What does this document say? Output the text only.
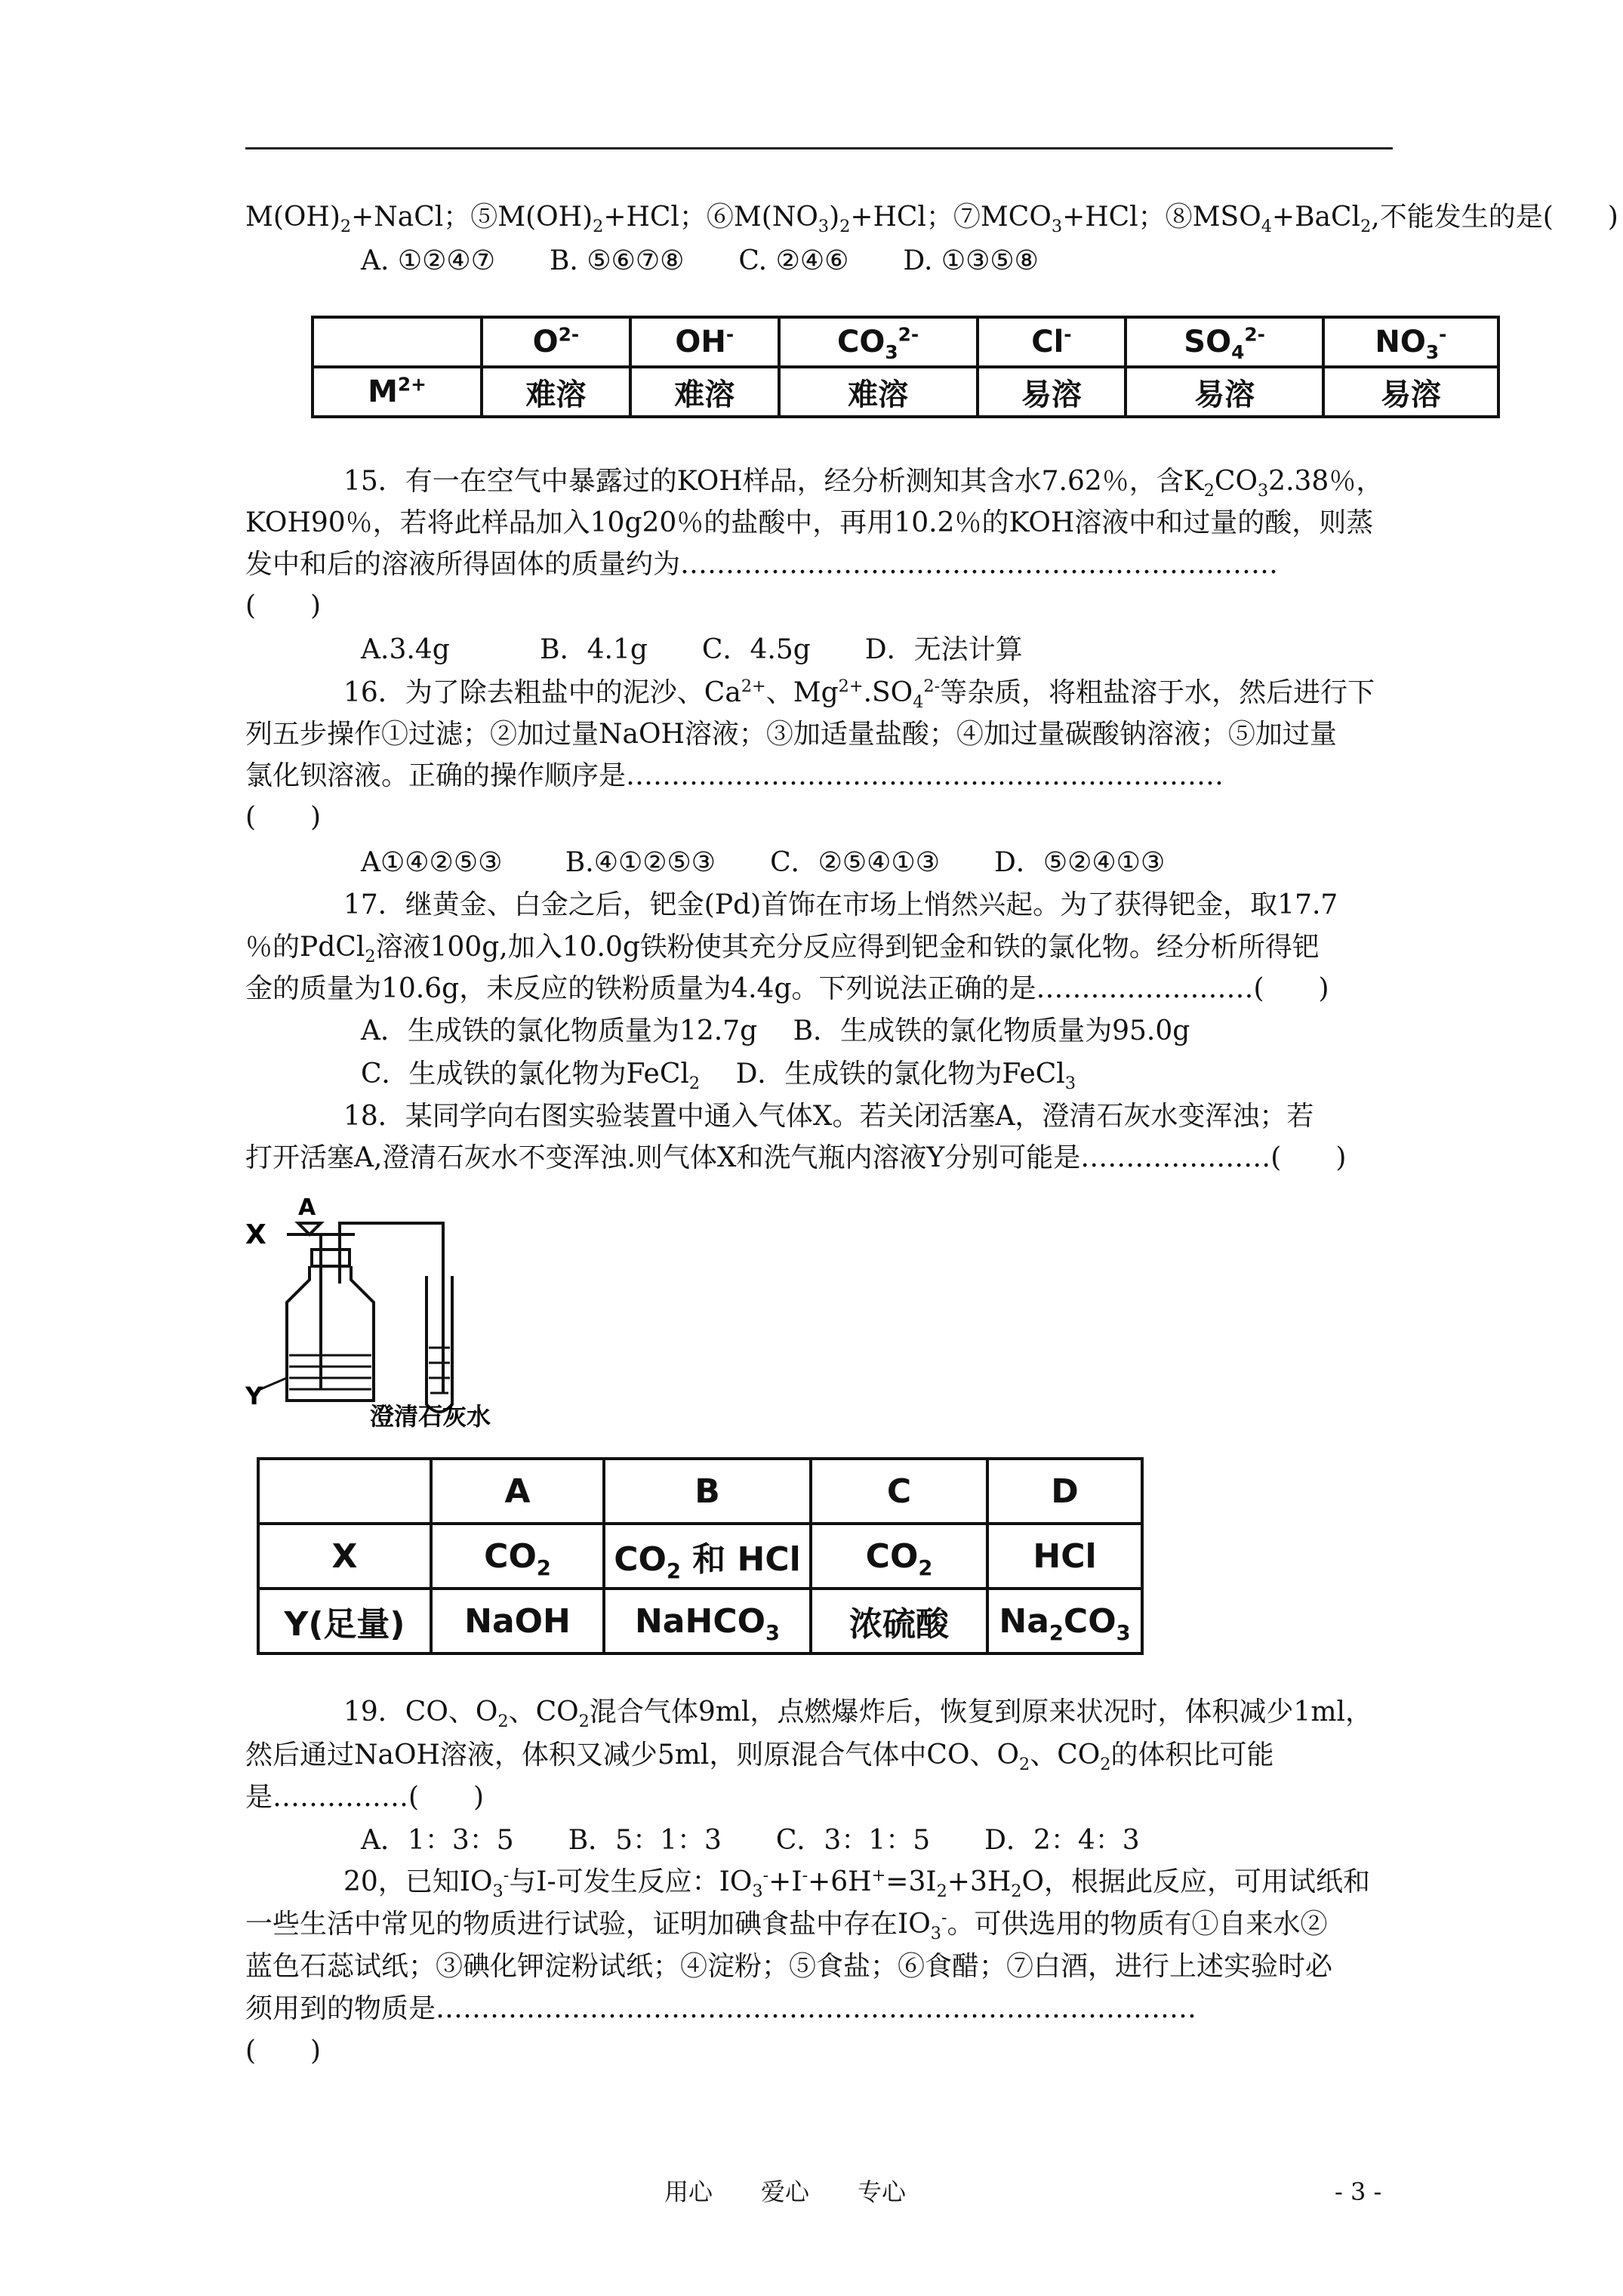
$M(OH)_2+NaCl$；$⑤M(OH)_2+HCl$；$⑥M(NO_3)_2+HCl$；$⑦MCO_3+HCl$；$⑧MSO_4+BaCl_2$,不能发生的是(　　)
A. ①②④⑦　　B. ⑤⑥⑦⑧　　C. ②④⑥　　D. ①③⑤⑧
	$O^{2-}$	OH-	$CO_3^{2-}$	Cl-	$SO_4^{2-}$	$NO_3^-$
$M^{2+}$	难溶	难溶	难溶	易溶	易溶	易溶
15．有一在空气中暴露过的KOH样品，经分析测知其含水7.62％，含$K_2CO_32.38$％，
KOH90％，若将此样品加入10g20％的盐酸中，再用10.2％的KOH溶液中和过量的酸，则蒸
发中和后的溶液所得固体的质量约为…………………………………………………………
(　　)
A.3.4g　　　 B．4.1g　　C．4.5g　　D．无法计算
16．为了除去粗盐中的泥沙、$Ca^{2+}$、$Mg^{2+}.SO_4^{2-}$等杂质，将粗盐溶于水，然后进行下
列五步操作①过滤；②加过量NaOH溶液；③加适量盐酸；④加过量碳酸钠溶液；⑤加过量
氯化钡溶液。正确的操作顺序是…………………………………………………………
(　　)
A①④②⑤③　　 B.④①②⑤③　　C．②⑤④①③　　D．⑤②④①③
17．继黄金、白金之后，钯金(Pd)首饰在市场上悄然兴起。为了获得钯金，取17.7
％的PdCl$_2$溶液100g,加入10.0g铁粉使其充分反应得到钯金和铁的氯化物。经分析所得钯
金的质量为10.6g，未反应的铁粉质量为4.4g。下列说法正确的是……………………(　　)
A．生成铁的氯化物质量为12.7g　 B．生成铁的氯化物质量为95.0g
C．生成铁的氯化物为FeCl$_2$　 D．生成铁的氯化物为FeCl$_3$
18．某同学向右图实验装置中通入气体X。若关闭活塞A，澄清石灰水变浑浊；若
打开活塞A,澄清石灰水不变浑浊.则气体X和洗气瓶内溶液Y分别可能是…………………(　　)
X
A
Y
澄清石灰水
	A	B	C	D
X	$CO_2$	$CO_2$ 和 HCl	$CO_2$	HCl
Y(足量)	NaOH	NaHCO$_3$	浓硫酸	$Na_2CO_3$
19．CO、$O_2$、$CO_2$混合气体9ml，点燃爆炸后，恢复到原来状况时，体积减少1ml，
然后通过NaOH溶液，体积又减少5ml，则原混合气体中CO、$O_2$、$CO_2$的体积比可能
是……………(　　)
A．1：3：5　　B．5：1：3　　C．3：1：5　　D．2：4：3
20，已知$IO_3^-$与I-可发生反应：$IO_3^-+I^-+6H^+=3I_2+3H_2O$，根据此反应，可用试纸和
一些生活中常见的物质进行试验，证明加碘食盐中存在$IO_3^-$。可供选用的物质有①自来水②
蓝色石蕊试纸；③碘化钾淀粉试纸；④淀粉；⑤食盐；⑥食醋；⑦白酒，进行上述实验时必
须用到的物质是…………………………………………………………………………
(　　)
用心　　爱心　　专心	- 3 -
